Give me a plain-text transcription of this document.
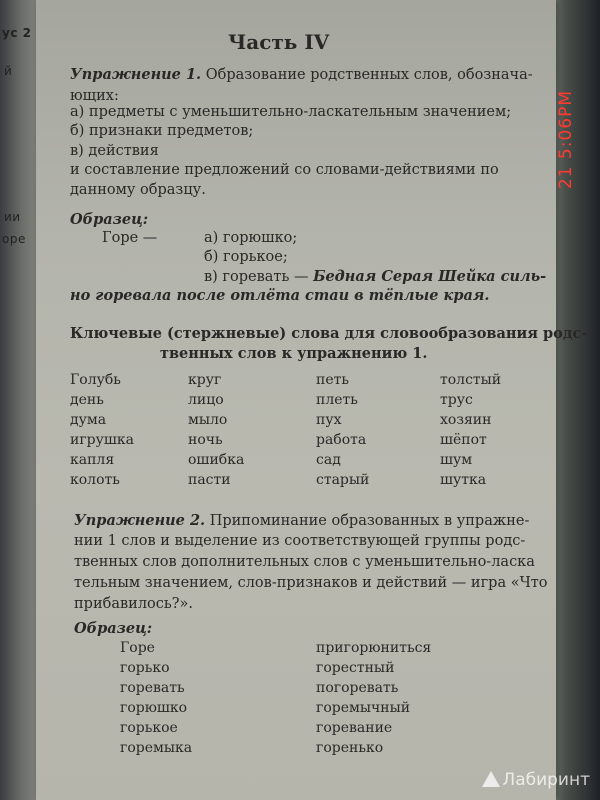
ус 2
й
ии
оре
Часть IV
Упражнение 1. Образование родственных слов, обознача-
ющих:
а) предметы с уменьшительно-ласкательным значением;
б) признаки предметов;
в) действия
и составление предложений со словами-действиями по
данному образцу.
Образец:
Горе —	а) горюшко;
б) горькое;
в) горевать — Бедная Серая Шейка силь-
но горевала после отлёта стаи в тёплые края.
Ключевые (стержневые) слова для словообразования родс-
твенных слов к упражнению 1.
Голубь
день
дума
игрушка
капля
колоть
круг
лицо
мыло
ночь
ошибка
пасти
петь
плеть
пух
работа
сад
старый
толстый
трус
хозяин
шёпот
шум
шутка
Упражнение 2. Припоминание образованных в упражне-
нии 1 слов и выделение из соответствующей группы родс-
твенных слов дополнительных слов с уменьшительно-ласка
тельным значением, слов-признаков и действий — игра «Что
прибавилось?».
Образец:
Горе
горько
горевать
горюшко
горькое
горемыка
пригорюниться
горестный
погоревать
горемычный
горевание
горенько
21 5:06PM
Лабиринт
